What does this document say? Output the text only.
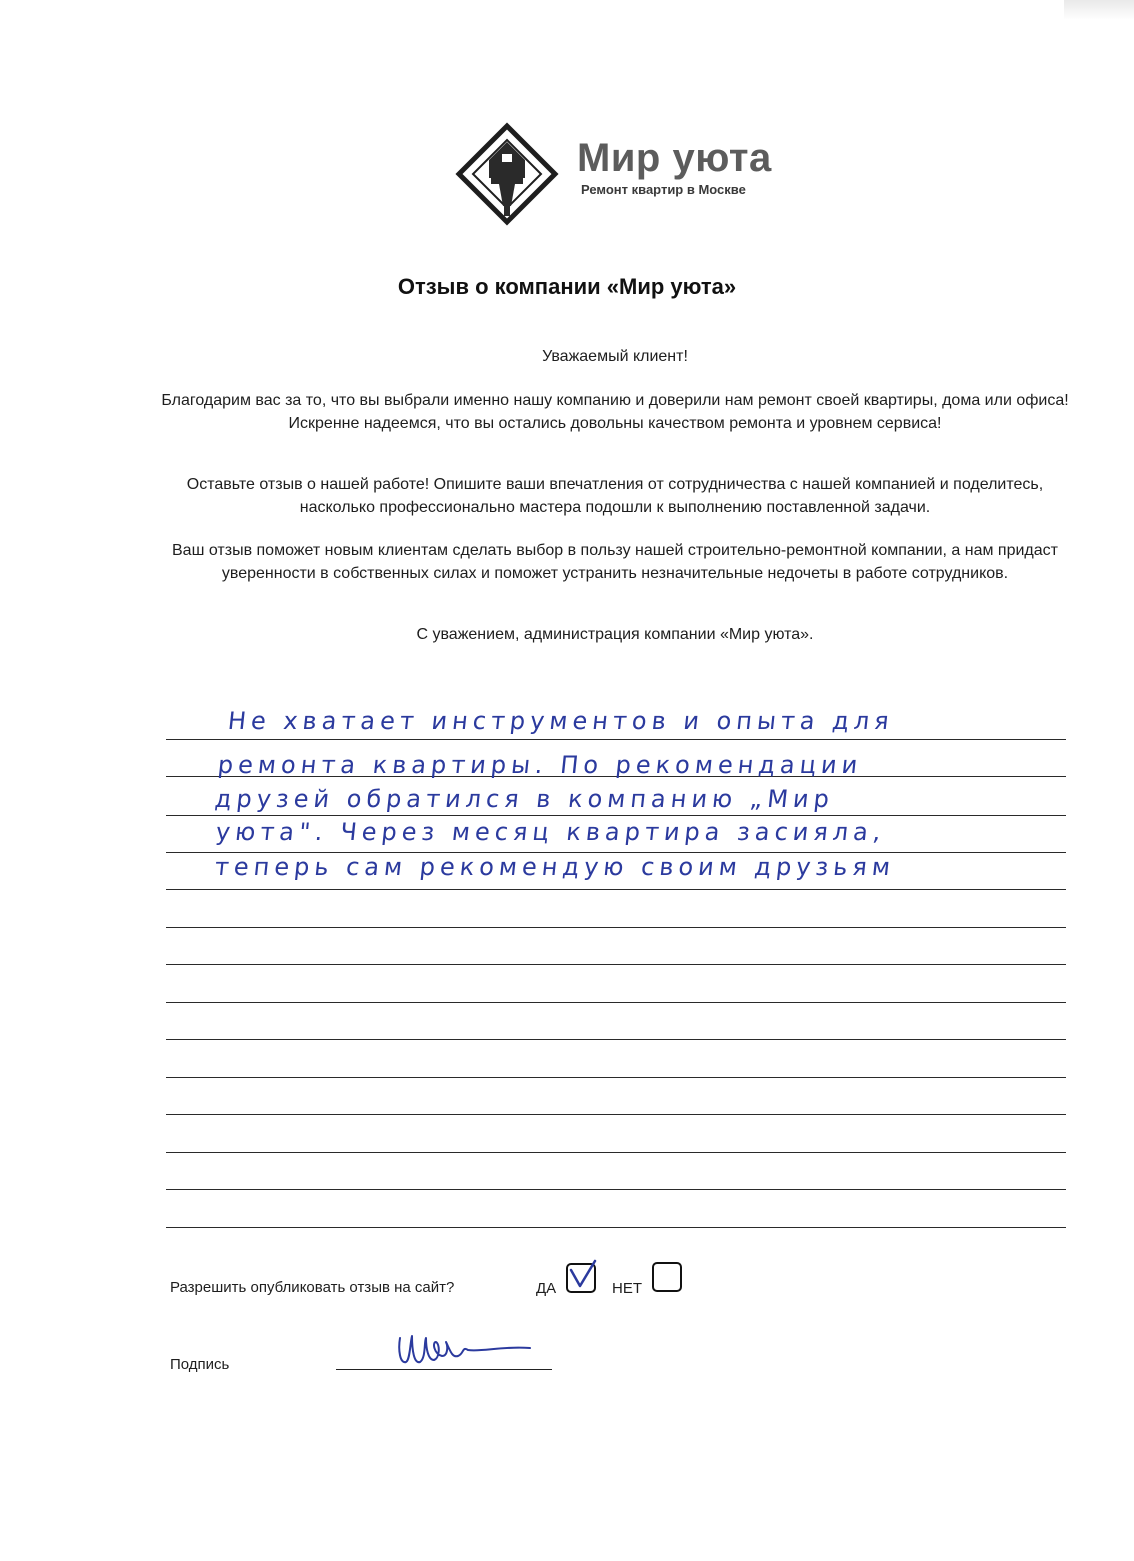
Мир уюта
Ремонт квартир в Москве
Отзыв о компании «Мир уюта»
Уважаемый клиент!
Благодарим вас за то, что вы выбрали именно нашу компанию и доверили нам ремонт своей квартиры, дома или офиса! Искренне надеемся, что вы остались довольны качеством ремонта и уровнем сервиса!
Оставьте отзыв о нашей работе! Опишите ваши впечатления от сотрудничества с нашей компанией и поделитесь, насколько профессионально мастера подошли к выполнению поставленной задачи.
Ваш отзыв поможет новым клиентам сделать выбор в пользу нашей строительно-ремонтной компании, а нам придаст уверенности в собственных силах и поможет устранить незначительные недочеты в работе сотрудников.
С уважением, администрация компании «Мир уюта».
Не хватает инструментов и опыта для
ремонта квартиры. По рекомендации
друзей обратился в компанию „Мир
уюта". Через месяц квартира засияла,
теперь сам рекомендую своим друзьям
Разрешить опубликовать отзыв на сайт?	ДА	НЕТ
Подпись
